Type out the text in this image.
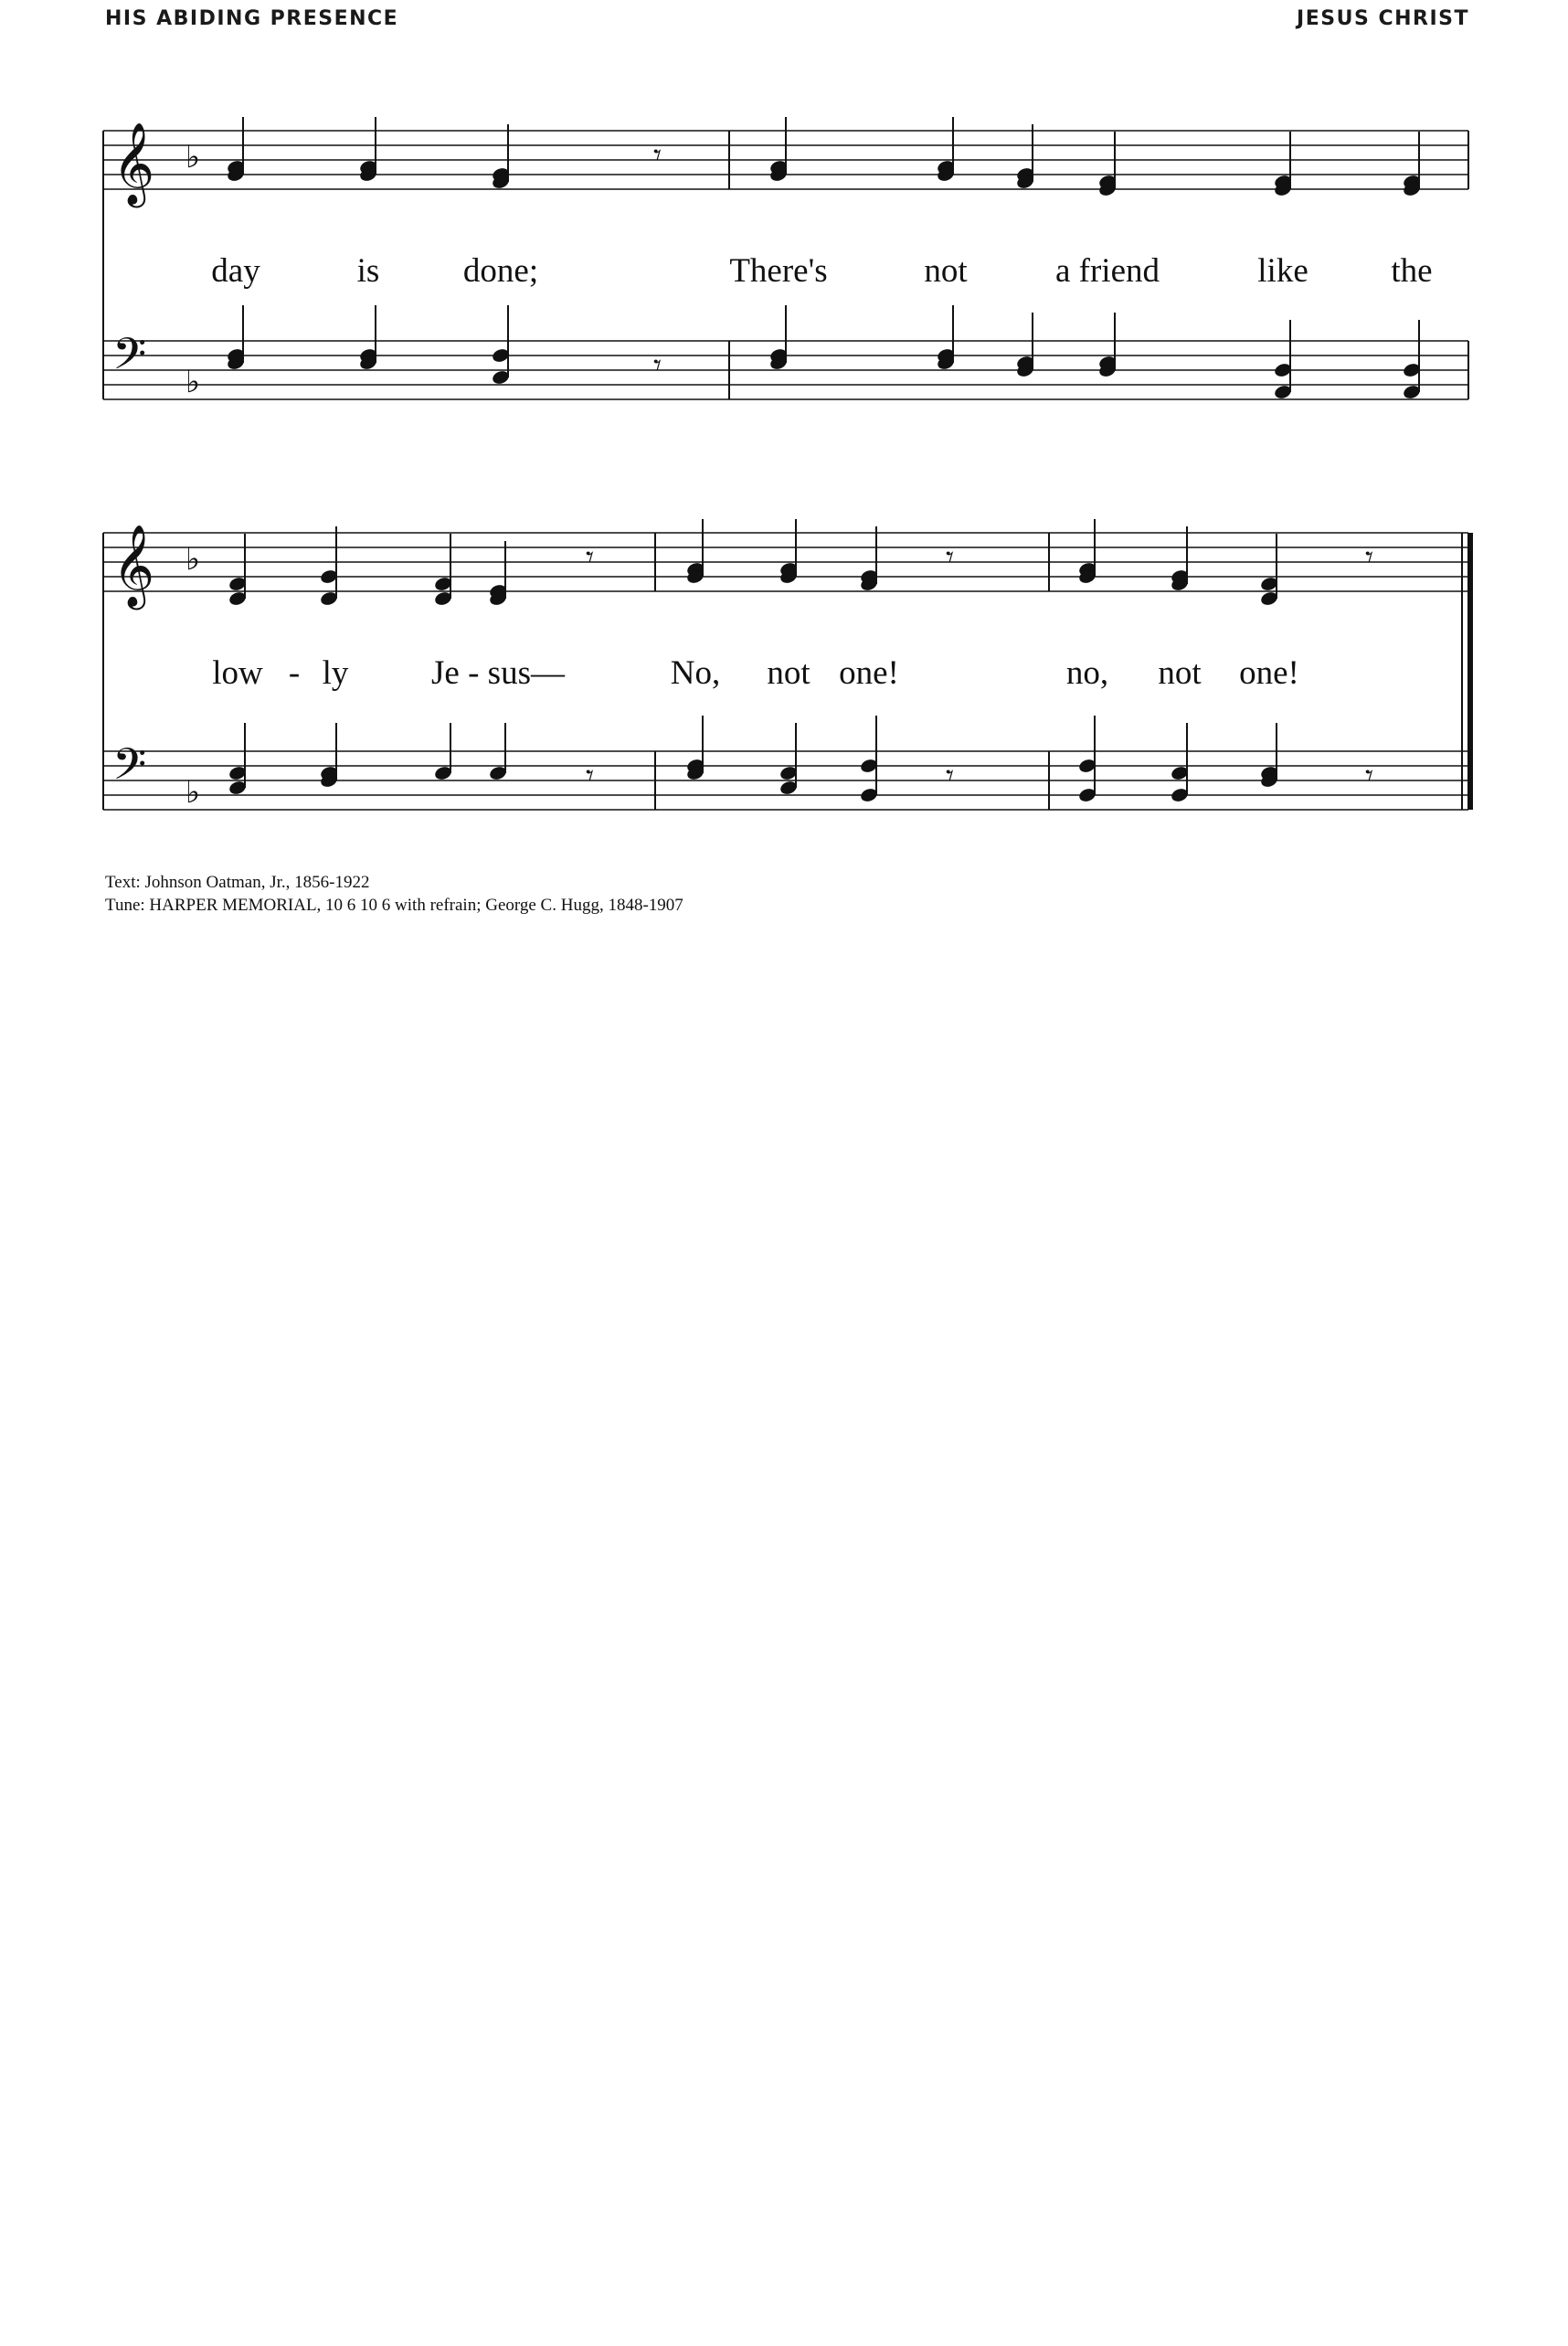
HIS ABIDING PRESENCE	JESUS CHRIST
𝄞 ♭
𝄢 ♭
𝄞 ♭
𝄢 ♭
𝄾
𝄾
𝄾	𝄾	𝄾
𝄾	𝄾	𝄾
day	is done;	There's	not	a friend	like the
low - ly Je - sus—	No, not one!	no, not one!
Text: Johnson Oatman, Jr., 1856-1922
Tune: HARPER MEMORIAL, 10 6 10 6 with refrain; George C. Hugg, 1848-1907
